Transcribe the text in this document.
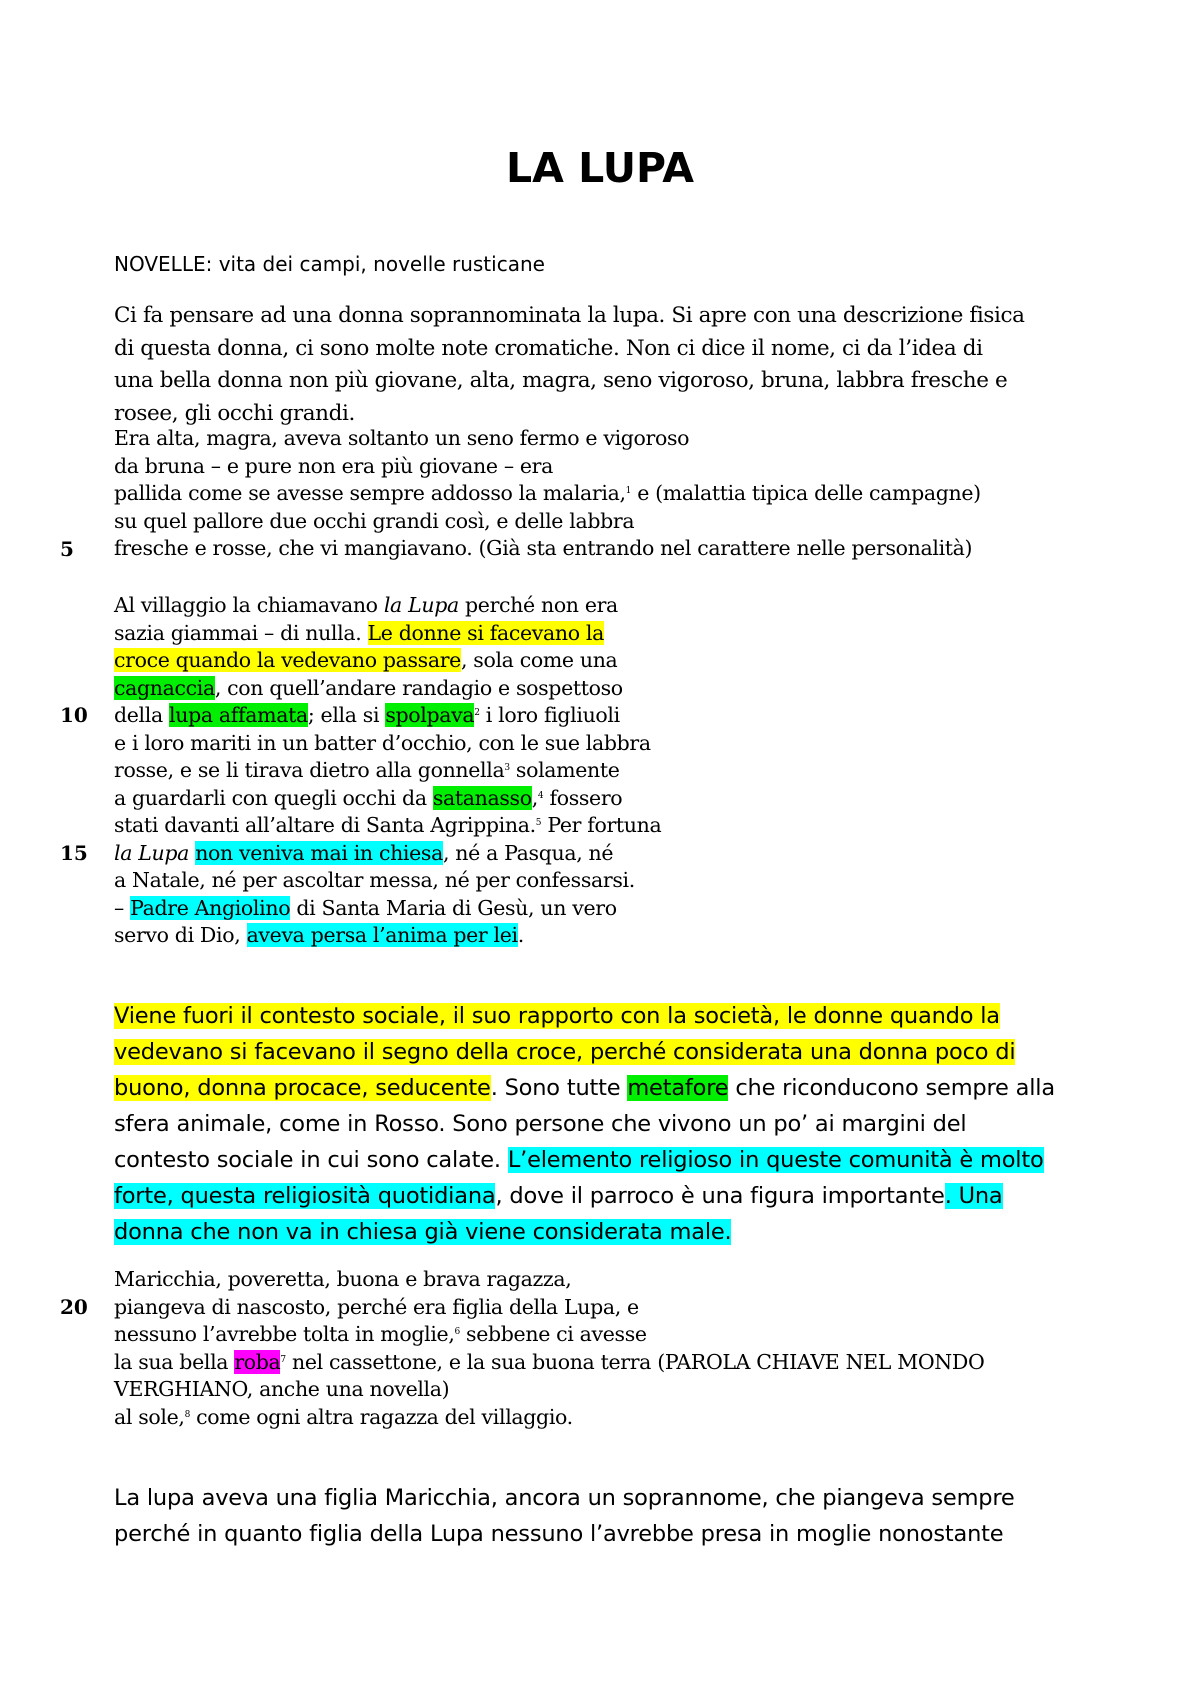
LA LUPA

NOVELLE: vita dei campi, novelle rusticane

Ci fa pensare ad una donna soprannominata la lupa. Si apre con una descrizione fisica
di questa donna, ci sono molte note cromatiche. Non ci dice il nome, ci da l’idea di
una bella donna non più giovane, alta, magra, seno vigoroso, bruna, labbra fresche e
rosee, gli occhi grandi.
Era alta, magra, aveva soltanto un seno fermo e vigoroso
da bruna – e pure non era più giovane – era
pallida come se avesse sempre addosso la malaria,$^1$ e (malattia tipica delle campagne)
su quel pallore due occhi grandi così, e delle labbra
fresche e rosse, che vi mangiavano. (Già sta entrando nel carattere nelle personalità)
5
Al villaggio la chiamavano la Lupa perché non era
sazia giammai – di nulla. Le donne si facevano la
croce quando la vedevano passare, sola come una
cagnaccia, con quell’andare randagio e sospettoso
della lupa affamata; ella si spolpava$^2$ i loro figliuoli
e i loro mariti in un batter d’occhio, con le sue labbra
rosse, e se li tirava dietro alla gonnella$^3$ solamente
a guardarli con quegli occhi da satanasso,$^4$ fossero
stati davanti all’altare di Santa Agrippina.$^5$ Per fortuna
la Lupa non veniva mai in chiesa, né a Pasqua, né
a Natale, né per ascoltar messa, né per confessarsi.
– Padre Angiolino di Santa Maria di Gesù, un vero
servo di Dio, aveva persa l’anima per lei.
10
15
Viene fuori il contesto sociale, il suo rapporto con la società, le donne quando la
vedevano si facevano il segno della croce, perché considerata una donna poco di
buono, donna procace, seducente. Sono tutte metafore che riconducono sempre alla
sfera animale, come in Rosso. Sono persone che vivono un po’ ai margini del
contesto sociale in cui sono calate. L’elemento religioso in queste comunità è molto
forte, questa religiosità quotidiana, dove il parroco è una figura importante. Una
donna che non va in chiesa già viene considerata male.
Maricchia, poveretta, buona e brava ragazza,
piangeva di nascosto, perché era figlia della Lupa, e
nessuno l’avrebbe tolta in moglie,$^6$ sebbene ci avesse
la sua bella roba$^7$ nel cassettone, e la sua buona terra (PAROLA CHIAVE NEL MONDO
VERGHIANO, anche una novella)
al sole,$^8$ come ogni altra ragazza del villaggio.
20
La lupa aveva una figlia Maricchia, ancora un soprannome, che piangeva sempre
perché in quanto figlia della Lupa nessuno l’avrebbe presa in moglie nonostante
